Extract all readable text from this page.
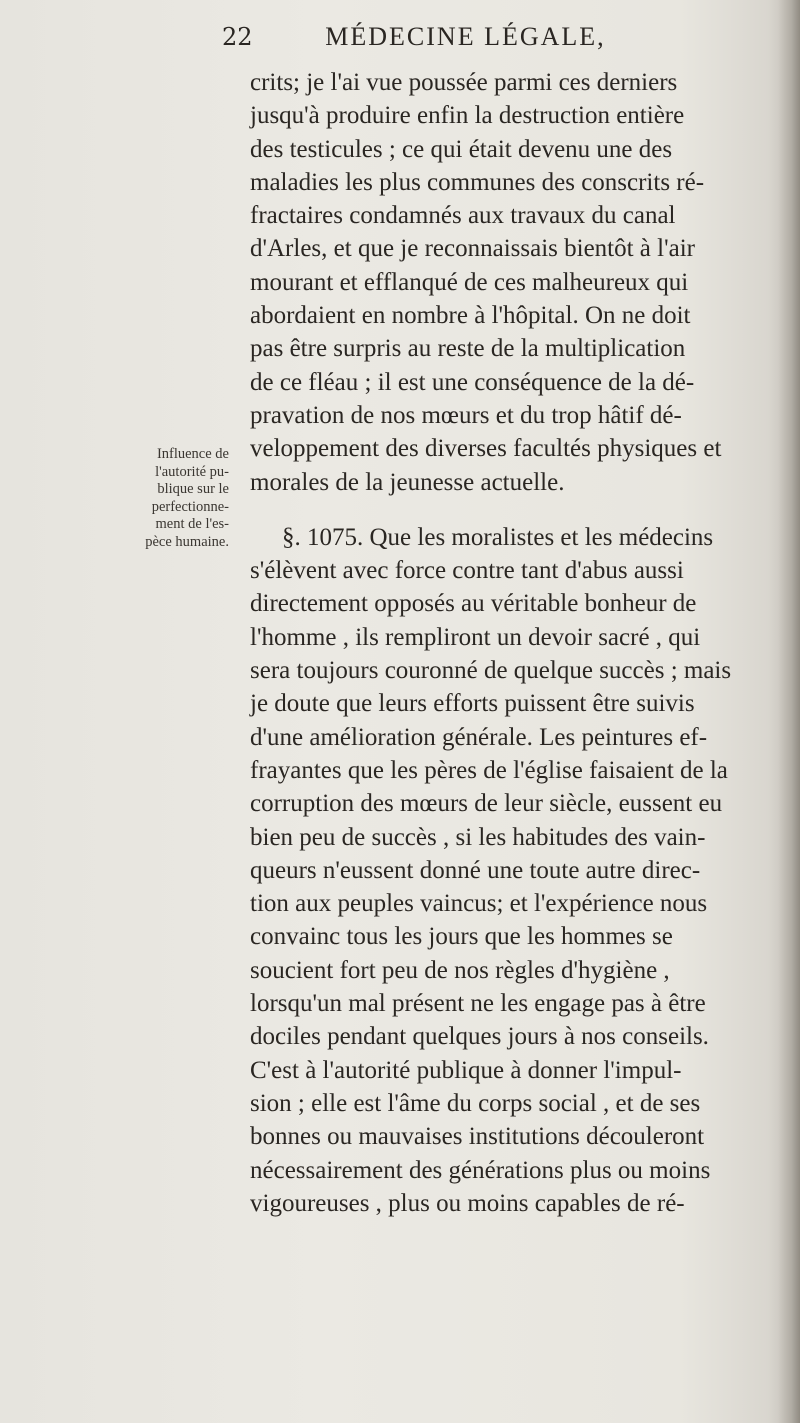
22	MÉDECINE LÉGALE,
Influence de
l'autorité pu-
blique sur le
perfectionne-
ment de l'es-
pèce humaine.
crits; je l'ai vue poussée parmi ces derniers
jusqu'à produire enfin la destruction entière
des testicules ; ce qui était devenu une des
maladies les plus communes des conscrits ré-
fractaires condamnés aux travaux du canal
d'Arles, et que je reconnaissais bientôt à l'air
mourant et efflanqué de ces malheureux qui
abordaient en nombre à l'hôpital. On ne doit
pas être surpris au reste de la multiplication
de ce fléau ; il est une conséquence de la dé-
pravation de nos mœurs et du trop hâtif dé-
veloppement des diverses facultés physiques et
morales de la jeunesse actuelle.
§. 1075. Que les moralistes et les médecins
s'élèvent avec force contre tant d'abus aussi
directement opposés au véritable bonheur de
l'homme , ils rempliront un devoir sacré , qui
sera toujours couronné de quelque succès ; mais
je doute que leurs efforts puissent être suivis
d'une amélioration générale. Les peintures ef-
frayantes que les pères de l'église faisaient de la
corruption des mœurs de leur siècle, eussent eu
bien peu de succès , si les habitudes des vain-
queurs n'eussent donné une toute autre direc-
tion aux peuples vaincus; et l'expérience nous
convainc tous les jours que les hommes se
soucient fort peu de nos règles d'hygiène ,
lorsqu'un mal présent ne les engage pas à être
dociles pendant quelques jours à nos conseils.
C'est à l'autorité publique à donner l'impul-
sion ; elle est l'âme du corps social , et de ses
bonnes ou mauvaises institutions découleront
nécessairement des générations plus ou moins
vigoureuses , plus ou moins capables de ré-
